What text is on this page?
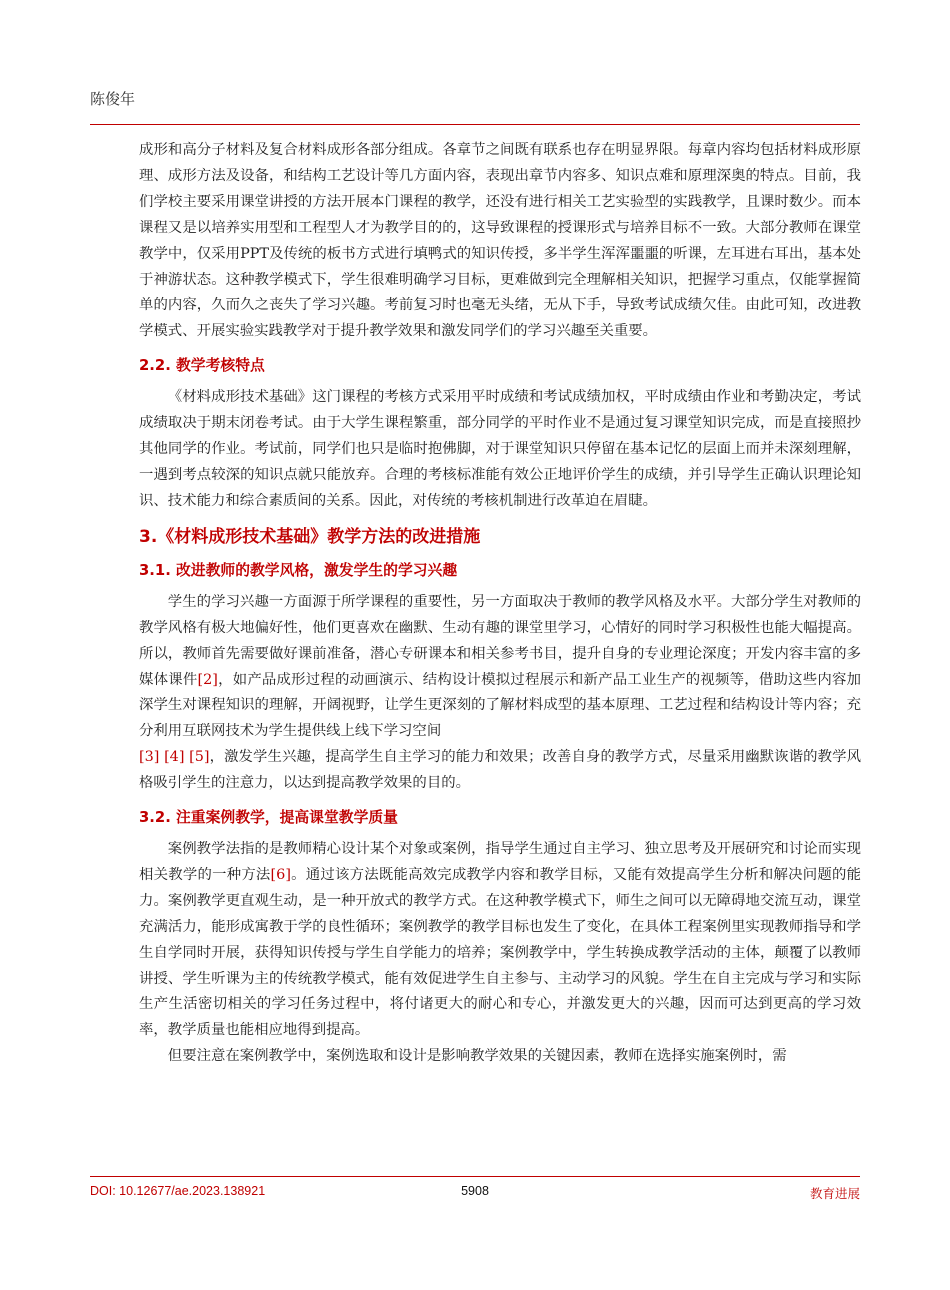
陈俊年

成形和高分子材料及复合材料成形各部分组成。各章节之间既有联系也存在明显界限。每章内容均包括材料成形原理、成形方法及设备，和结构工艺设计等几方面内容，表现出章节内容多、知识点难和原理深奥的特点。目前，我们学校主要采用课堂讲授的方法开展本门课程的教学，还没有进行相关工艺实验型的实践教学，且课时数少。而本课程又是以培养实用型和工程型人才为教学目的的，这导致课程的授课形式与培养目标不一致。大部分教师在课堂教学中，仅采用PPT及传统的板书方式进行填鸭式的知识传授，多半学生浑浑噩噩的听课，左耳进右耳出，基本处于神游状态。这种教学模式下，学生很难明确学习目标，更难做到完全理解相关知识，把握学习重点，仅能掌握简单的内容，久而久之丧失了学习兴趣。考前复习时也毫无头绪，无从下手，导致考试成绩欠佳。由此可知，改进教学模式、开展实验实践教学对于提升教学效果和激发同学们的学习兴趣至关重要。

2.2. 教学考核特点

《材料成形技术基础》这门课程的考核方式采用平时成绩和考试成绩加权，平时成绩由作业和考勤决定，考试成绩取决于期末闭卷考试。由于大学生课程繁重，部分同学的平时作业不是通过复习课堂知识完成，而是直接照抄其他同学的作业。考试前，同学们也只是临时抱佛脚，对于课堂知识只停留在基本记忆的层面上而并未深刻理解，一遇到考点较深的知识点就只能放弃。合理的考核标准能有效公正地评价学生的成绩，并引导学生正确认识理论知识、技术能力和综合素质间的关系。因此，对传统的考核机制进行改革迫在眉睫。

3.《材料成形技术基础》教学方法的改进措施
3.1. 改进教师的教学风格，激发学生的学习兴趣

学生的学习兴趣一方面源于所学课程的重要性，另一方面取决于教师的教学风格及水平。大部分学生对教师的教学风格有极大地偏好性，他们更喜欢在幽默、生动有趣的课堂里学习，心情好的同时学习积极性也能大幅提高。所以，教师首先需要做好课前准备，潜心专研课本和相关参考书目，提升自身的专业理论深度；开发内容丰富的多媒体课件[2]，如产品成形过程的动画演示、结构设计模拟过程展示和新产品工业生产的视频等，借助这些内容加深学生对课程知识的理解，开阔视野，让学生更深刻的了解材料成型的基本原理、工艺过程和结构设计等内容；充分利用互联网技术为学生提供线上线下学习空间
[3] [4] [5]，激发学生兴趣，提高学生自主学习的能力和效果；改善自身的教学方式，尽量采用幽默诙谐的教学风格吸引学生的注意力，以达到提高教学效果的目的。

3.2. 注重案例教学，提高课堂教学质量

案例教学法指的是教师精心设计某个对象或案例，指导学生通过自主学习、独立思考及开展研究和讨论而实现相关教学的一种方法[6]。通过该方法既能高效完成教学内容和教学目标，又能有效提高学生分析和解决问题的能力。案例教学更直观生动，是一种开放式的教学方式。在这种教学模式下，师生之间可以无障碍地交流互动，课堂充满活力，能形成寓教于学的良性循环；案例教学的教学目标也发生了变化，在具体工程案例里实现教师指导和学生自学同时开展，获得知识传授与学生自学能力的培养；案例教学中，学生转换成教学活动的主体，颠覆了以教师讲授、学生听课为主的传统教学模式，能有效促进学生自主参与、主动学习的风貌。学生在自主完成与学习和实际生产生活密切相关的学习任务过程中，将付诸更大的耐心和专心，并激发更大的兴趣，因而可达到更高的学习效率，教学质量也能相应地得到提高。

但要注意在案例教学中，案例选取和设计是影响教学效果的关键因素，教师在选择实施案例时，需

DOI: 10.12677/ae.2023.138921	5908	教育进展
